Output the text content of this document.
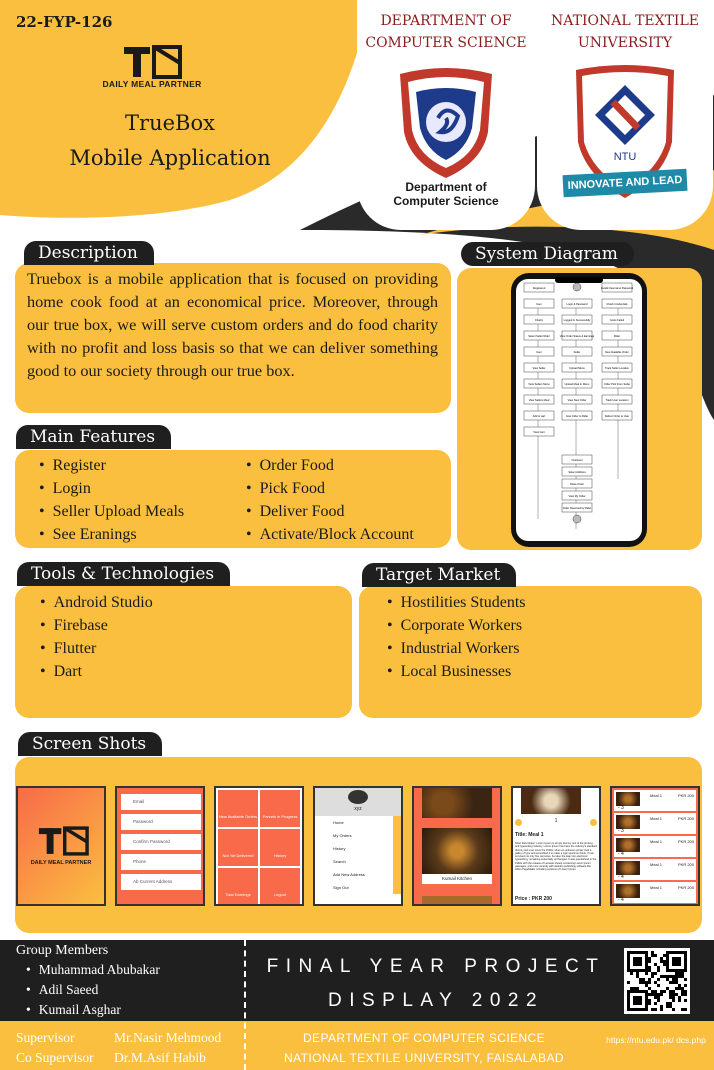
22-FYP-126
DAILY MEAL PARTNER
TrueBox
Mobile Application
DEPARTMENT OF
COMPUTER SCIENCE
Department of
Computer Science
NATIONAL TEXTILE
UNIVERSITY
NTU
INNOVATE AND LEAD
Description

Truebox is a mobile application that is focused on providing home cook food at an economical price. Moreover, through our true box, we will serve custom orders and do food charity with no profit and loss basis so that we can deliver something good to our society through our true box.

Main Features
• Register
• Login
• Seller Upload Meals
• See Eranings
• Order Food
• Pick Food
• Deliver Food
• Activate/Block Account
System Diagram
Registered	Invalid Username Password
User	Login & Password	Check Credentials
Charity	Logged In Successfully	Costs Failed
Select Seller Rider	View Order Status & Earnings	Rider
User	Seller	New Available Order
View Seller	Upload Menu	Track Seller Location
View Sellers Menu	Upload Meal In Menu	Order Pick From Seller
View Sellers Meal	View New Order	Track User Location
Add to cart	Give Order to Rider	Deliver Order to User
View Cart
Checkout
Select Address
Place Order
View My Order
Order Received by Rider
Tools & Technologies
• Android Studio
• Firebase
• Flutter
• Dart
Target Market
• Hostilities Students
• Corporate Workers
• Industrial Workers
• Local Businesses
Screen Shots
DAILY MEAL PARTNER
Email
Password
Confirm Password
Phone
Ab Current Address
New Available Orders	Parcels in Progress
Not Yet Delivered	History
Total Earnings	Logout
xyz
Home
My Orders
History
Search
Add New Address
Sign Out
Kumail Kitchen
1
Title: Meal 1
Short Description: Lorem Ipsum is simply dummy text of the printing and typesetting industry. Lorem Ipsum has been the industry's standard dummy text ever since the 1500s, when an unknown printer took a galley of type and scrambled it to make a type specimen book. It has survived not only five centuries, but also the leap into electronic typesetting, remaining essentially unchanged. It was popularised in the 1960s with the release of Letraset sheets containing Lorem Ipsum passages, and more recently with desktop publishing software like Aldus PageMaker including versions of Lorem Ipsum.
Price : PKR 200
Meal 1	PKR 200
- 3
Meal 1	PKR 200
- 3
Meal 1	PKR 200
- 4
Meal 1	PKR 200
- 4
Meal 1	PKR 200
- 4
Group Members
• Muhammad Abubakar
• Adil Saeed
• Kumail Asghar
FINAL YEAR PROJECT
DISPLAY 2022
Supervisor	Mr.Nasir Mehmood
Co Supervisor Dr.M.Asif Habib
DEPARTMENT OF COMPUTER SCIENCE
NATIONAL TEXTILE UNIVERSITY, FAISALABAD
https://ntu.edu.pk/ dcs.php
